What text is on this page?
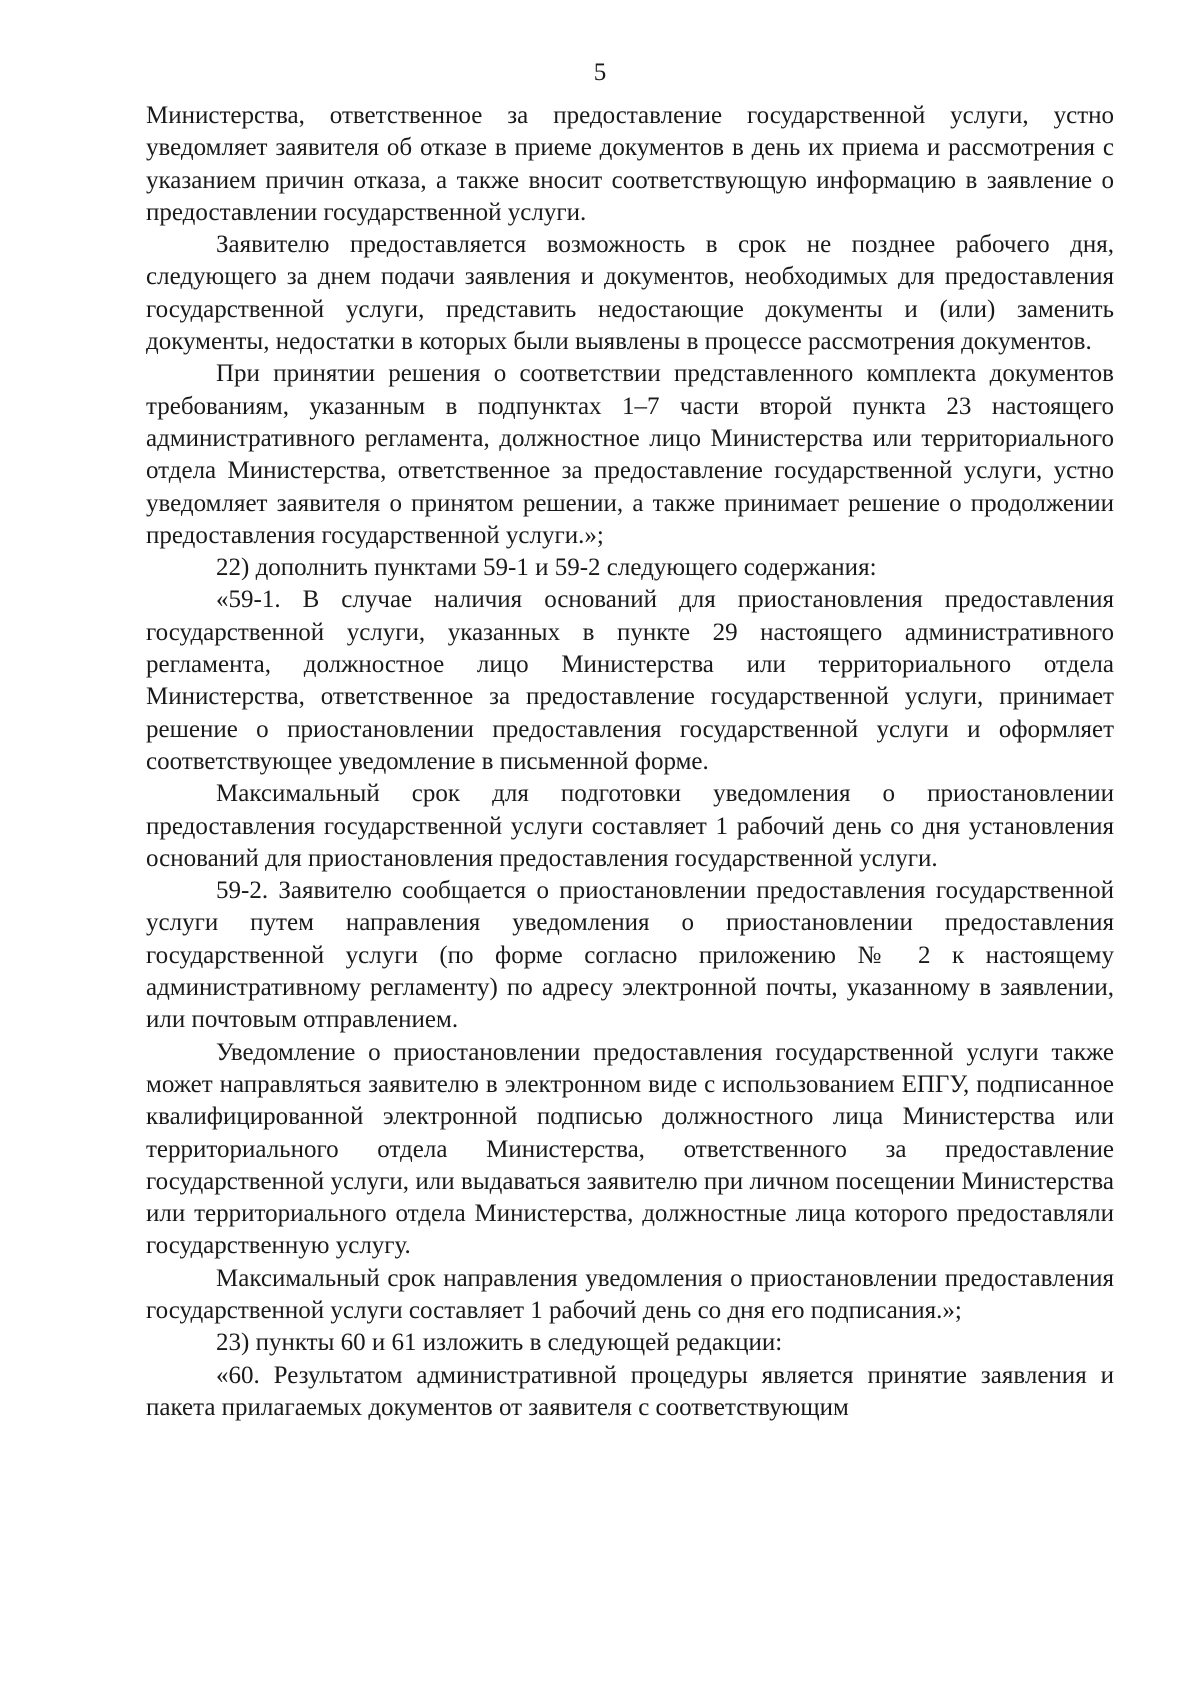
5

Министерства, ответственное за предоставление государственной услуги, устно уведомляет заявителя об отказе в приеме документов в день их приема и рассмотрения с указанием причин отказа, а также вносит соответствующую информацию в заявление о предоставлении государственной услуги.

Заявителю предоставляется возможность в срок не позднее рабочего дня, следующего за днем подачи заявления и документов, необходимых для предоставления государственной услуги, представить недостающие документы и (или) заменить документы, недостатки в которых были выявлены в процессе рассмотрения документов.

При принятии решения о соответствии представленного комплекта документов требованиям, указанным в подпунктах 1–7 части второй пункта 23 настоящего административного регламента, должностное лицо Министерства или территориального отдела Министерства, ответственное за предоставление государственной услуги, устно уведомляет заявителя о принятом решении, а также принимает решение о продолжении предоставления государственной услуги.»;

22) дополнить пунктами 59-1 и 59-2 следующего содержания:

«59-1. В случае наличия оснований для приостановления предоставления государственной услуги, указанных в пункте 29 настоящего административного регламента, должностное лицо Министерства или территориального отдела Министерства, ответственное за предоставление государственной услуги, принимает решение о приостановлении предоставления государственной услуги и оформляет соответствующее уведомление в письменной форме.

Максимальный срок для подготовки уведомления о приостановлении предоставления государственной услуги составляет 1 рабочий день со дня установления оснований для приостановления предоставления государственной услуги.

59-2. Заявителю сообщается о приостановлении предоставления государственной услуги путем направления уведомления о приостановлении предоставления государственной услуги (по форме согласно приложению № 2 к настоящему административному регламенту) по адресу электронной почты, указанному в заявлении, или почтовым отправлением.

Уведомление о приостановлении предоставления государственной услуги также может направляться заявителю в электронном виде с использованием ЕПГУ, подписанное квалифицированной электронной подписью должностного лица Министерства или территориального отдела Министерства, ответственного за предоставление государственной услуги, или выдаваться заявителю при личном посещении Министерства или территориального отдела Министерства, должностные лица которого предоставляли государственную услугу.

Максимальный срок направления уведомления о приостановлении предоставления государственной услуги составляет 1 рабочий день со дня его подписания.»;

23) пункты 60 и 61 изложить в следующей редакции:

«60. Результатом административной процедуры является принятие заявления и пакета прилагаемых документов от заявителя с соответствующим
